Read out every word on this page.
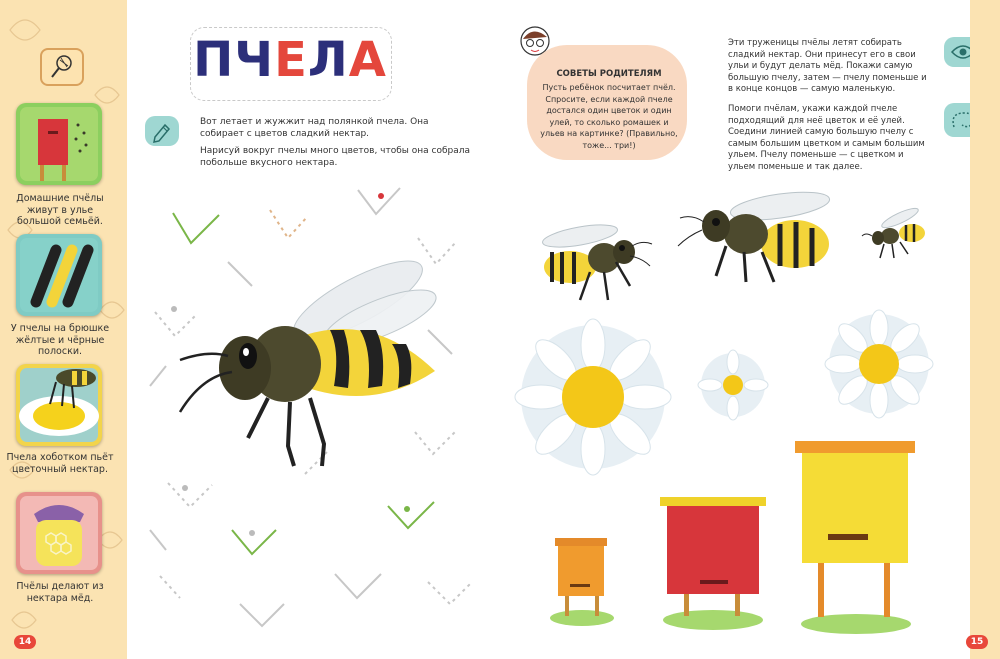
Домашние пчёлы живут в улье большой семьёй.
У пчелы на брюшке жёлтые и чёрные полоски.
Пчела хоботком пьёт цветочный нектар.
Пчёлы делают из нектара мёд.
14
ПЧЕЛА
Вот летает и жужжит над полянкой пчела. Она собирает с цветов сладкий нектар.
Нарисуй вокруг пчелы много цветов, чтобы она собрала побольше вкусного нектара.
СОВЕТЫ РОДИТЕЛЯМ
Пусть ребёнок посчитает пчёл. Спросите, если каждой пчеле достался один цветок и один улей, то сколько ромашек и ульев на картинке? (Правильно, тоже... три!)
Эти труженицы пчёлы летят собирать сладкий нектар. Они принесут его в свои ульи и будут делать мёд. Покажи самую большую пчелу, затем — пчелу поменьше и в конце концов — самую маленькую.
Помоги пчёлам, укажи каждой пчеле подходящий для неё цветок и её улей. Соедини линией самую большую пчелу с самым большим цветком и самым большим ульем. Пчелу поменьше — с цветком и ульем поменьше и так далее.
15
